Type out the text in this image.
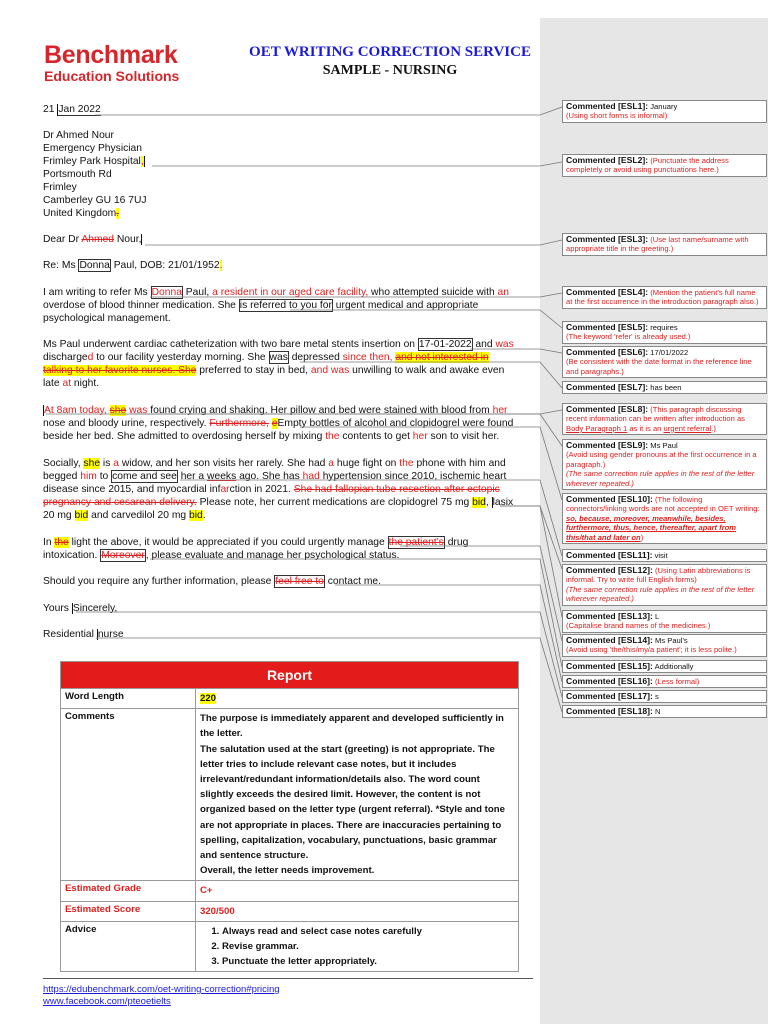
Benchmark
Education Solutions
OET WRITING CORRECTION SERVICE
SAMPLE - NURSING
21 Jan 2022
Dr Ahmed Nour
Emergency Physician
Frimley Park Hospital,
Portsmouth Rd
Frimley
Camberley GU 16 7UJ
United Kingdom.
Dear Dr Ahmed Nour,
Re: Ms Donna Paul, DOB: 21/01/1952.
I am writing to refer Ms Donna Paul, a resident in our aged care facility, who attempted suicide with an overdose of blood thinner medication. She is referred to you for urgent medical and appropriate psychological management.
Ms Paul underwent cardiac catheterization with two bare metal stents insertion on 17-01-2022 and was discharged to our facility yesterday morning. She was depressed since then, and not interested in talking to her favorite nurses. She preferred to stay in bed, and was unwilling to walk and awake even late at night.
At 8am today, she was found crying and shaking. Her pillow and bed were stained with blood from her nose and bloody urine, respectively. Furthermore, eEmpty bottles of alcohol and clopidogrel were found beside her bed. She admitted to overdosing herself by mixing the contents to get her son to visit her.
Socially, she is a widow, and her son visits her rarely. She had a huge fight on the phone with him and begged him to come and see her a weeks ago. She has had hypertension since 2010, ischemic heart disease since 2015, and myocardial infarction in 2021. She had fallopian tube resection after ectopic pregnancy and cesarean delivery. Please note, her current medications are clopidogrel 75 mg bid, lasix 20 mg bid and carvedilol 20 mg bid.
In the light the above, it would be appreciated if you could urgently manage the patient's drug intoxication. Moreover, please evaluate and manage her psychological status.
Should you require any further information, please feel free to contact me.
Yours Sincerely,
Residential nurse
Report
Word Length	220
Comments	The purpose is immediately apparent and developed sufficiently in the letter.
The salutation used at the start (greeting) is not appropriate. The letter tries to include relevant case notes, but it includes irrelevant/redundant information/details also. The word count slightly exceeds the desired limit. However, the content is not organized based on the letter type (urgent referral). *Style and tone are not appropriate in places. There are inaccuracies pertaining to spelling, capitalization, vocabulary, punctuations, basic grammar and sentence structure.
Overall, the letter needs improvement.
Estimated Grade	C+
Estimated Score	320/500
Advice
1.	Always read and select case notes carefully
2. Revise grammar.
3. Punctuate the letter appropriately.
https://edubenchmark.com/oet-writing-correction#pricing
www.facebook.com/pteoetielts
Commented [ESL1]: January
(Using short forms is informal)
Commented [ESL2]: (Punctuate the address completely or avoid using punctuations here.)
Commented [ESL3]: (Use last name/surname with appropriate title in the greeting.)
Commented [ESL4]: (Mention the patient's full name at the first occurrence in the introduction paragraph also.)
Commented [ESL5]: requires
(The keyword 'refer' is already used.)
Commented [ESL6]: 17/01/2022
(Be consistent with the date format in the reference line and paragraphs.)
Commented [ESL7]: has been
Commented [ESL8]: (This paragraph discussing recent information can be written after introduction as Body Paragraph 1 as it is an urgent referral.)
Commented [ESL9]: Ms Paul
(Avoid using gender pronouns at the first occurrence in a paragraph.)
(The same correction rule applies in the rest of the letter wherever repeated.)
Commented [ESL10]: (The following connectors/linking words are not accepted in OET writing: so, because, moreover, meanwhile, besides, furthermore, thus, hence, thereafter, apart from this/that and later on)
Commented [ESL11]: visit
Commented [ESL12]: (Using Latin abbreviations is informal. Try to write full English forms)
(The same correction rule applies in the rest of the letter wherever repeated.)
Commented [ESL13]: L
(Capitalise brand names of the medicines.)
Commented [ESL14]: Ms Paul's
(Avoid using 'the/this/my/a patient'; it is less polite.)
Commented [ESL15]: Additionally
Commented [ESL16]: (Less formal)
Commented [ESL17]: s
Commented [ESL18]: N
